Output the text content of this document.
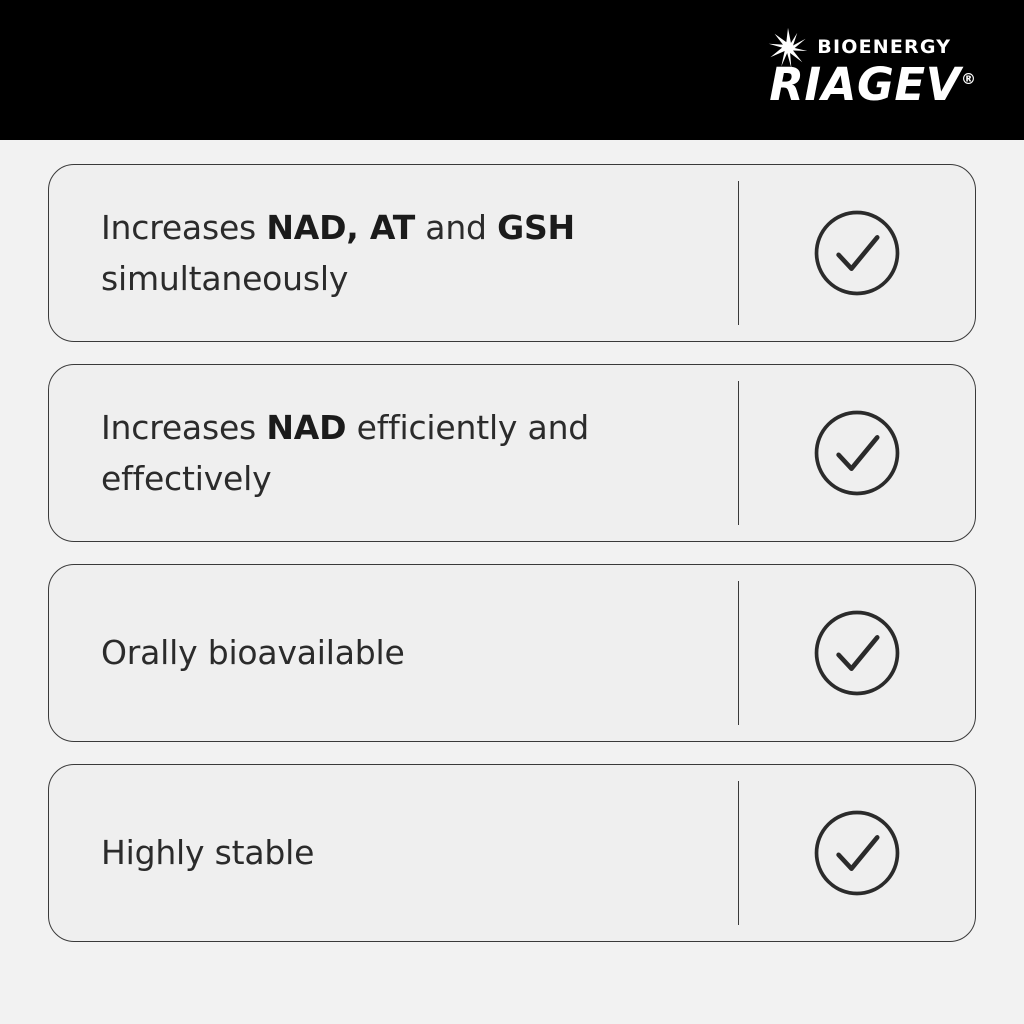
BIOENERGY
RIAGEV®
Increases NAD, AT and GSH simultaneously
Increases NAD efficiently and effectively
Orally bioavailable
Highly stable
